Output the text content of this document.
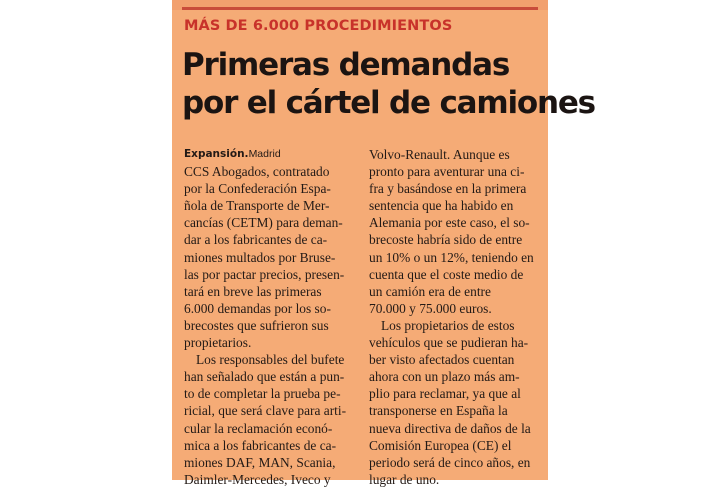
MÁS DE 6.000 PROCEDIMIENTOS
Primeras demandas
por el cártel de camiones
Expansión.Madrid
CCS Abogados, contratado
por la Confederación Espa-
ñola de Transporte de Mer-
cancías (CETM) para deman-
dar a los fabricantes de ca-
miones multados por Bruse-
las por pactar precios, presen-
tará en breve las primeras
6.000 demandas por los so-
brecostes que sufrieron sus
propietarios.
Los responsables del bufete
han señalado que están a pun-
to de completar la prueba pe-
ricial, que será clave para arti-
cular la reclamación econó-
mica a los fabricantes de ca-
miones DAF, MAN, Scania,
Daimler-Mercedes, Iveco y
Volvo-Renault. Aunque es
pronto para aventurar una ci-
fra y basándose en la primera
sentencia que ha habido en
Alemania por este caso, el so-
brecoste habría sido de entre
un 10% o un 12%, teniendo en
cuenta que el coste medio de
un camión era de entre
70.000 y 75.000 euros.
Los propietarios de estos
vehículos que se pudieran ha-
ber visto afectados cuentan
ahora con un plazo más am-
plio para reclamar, ya que al
transponerse en España la
nueva directiva de daños de la
Comisión Europea (CE) el
periodo será de cinco años, en
lugar de uno.
